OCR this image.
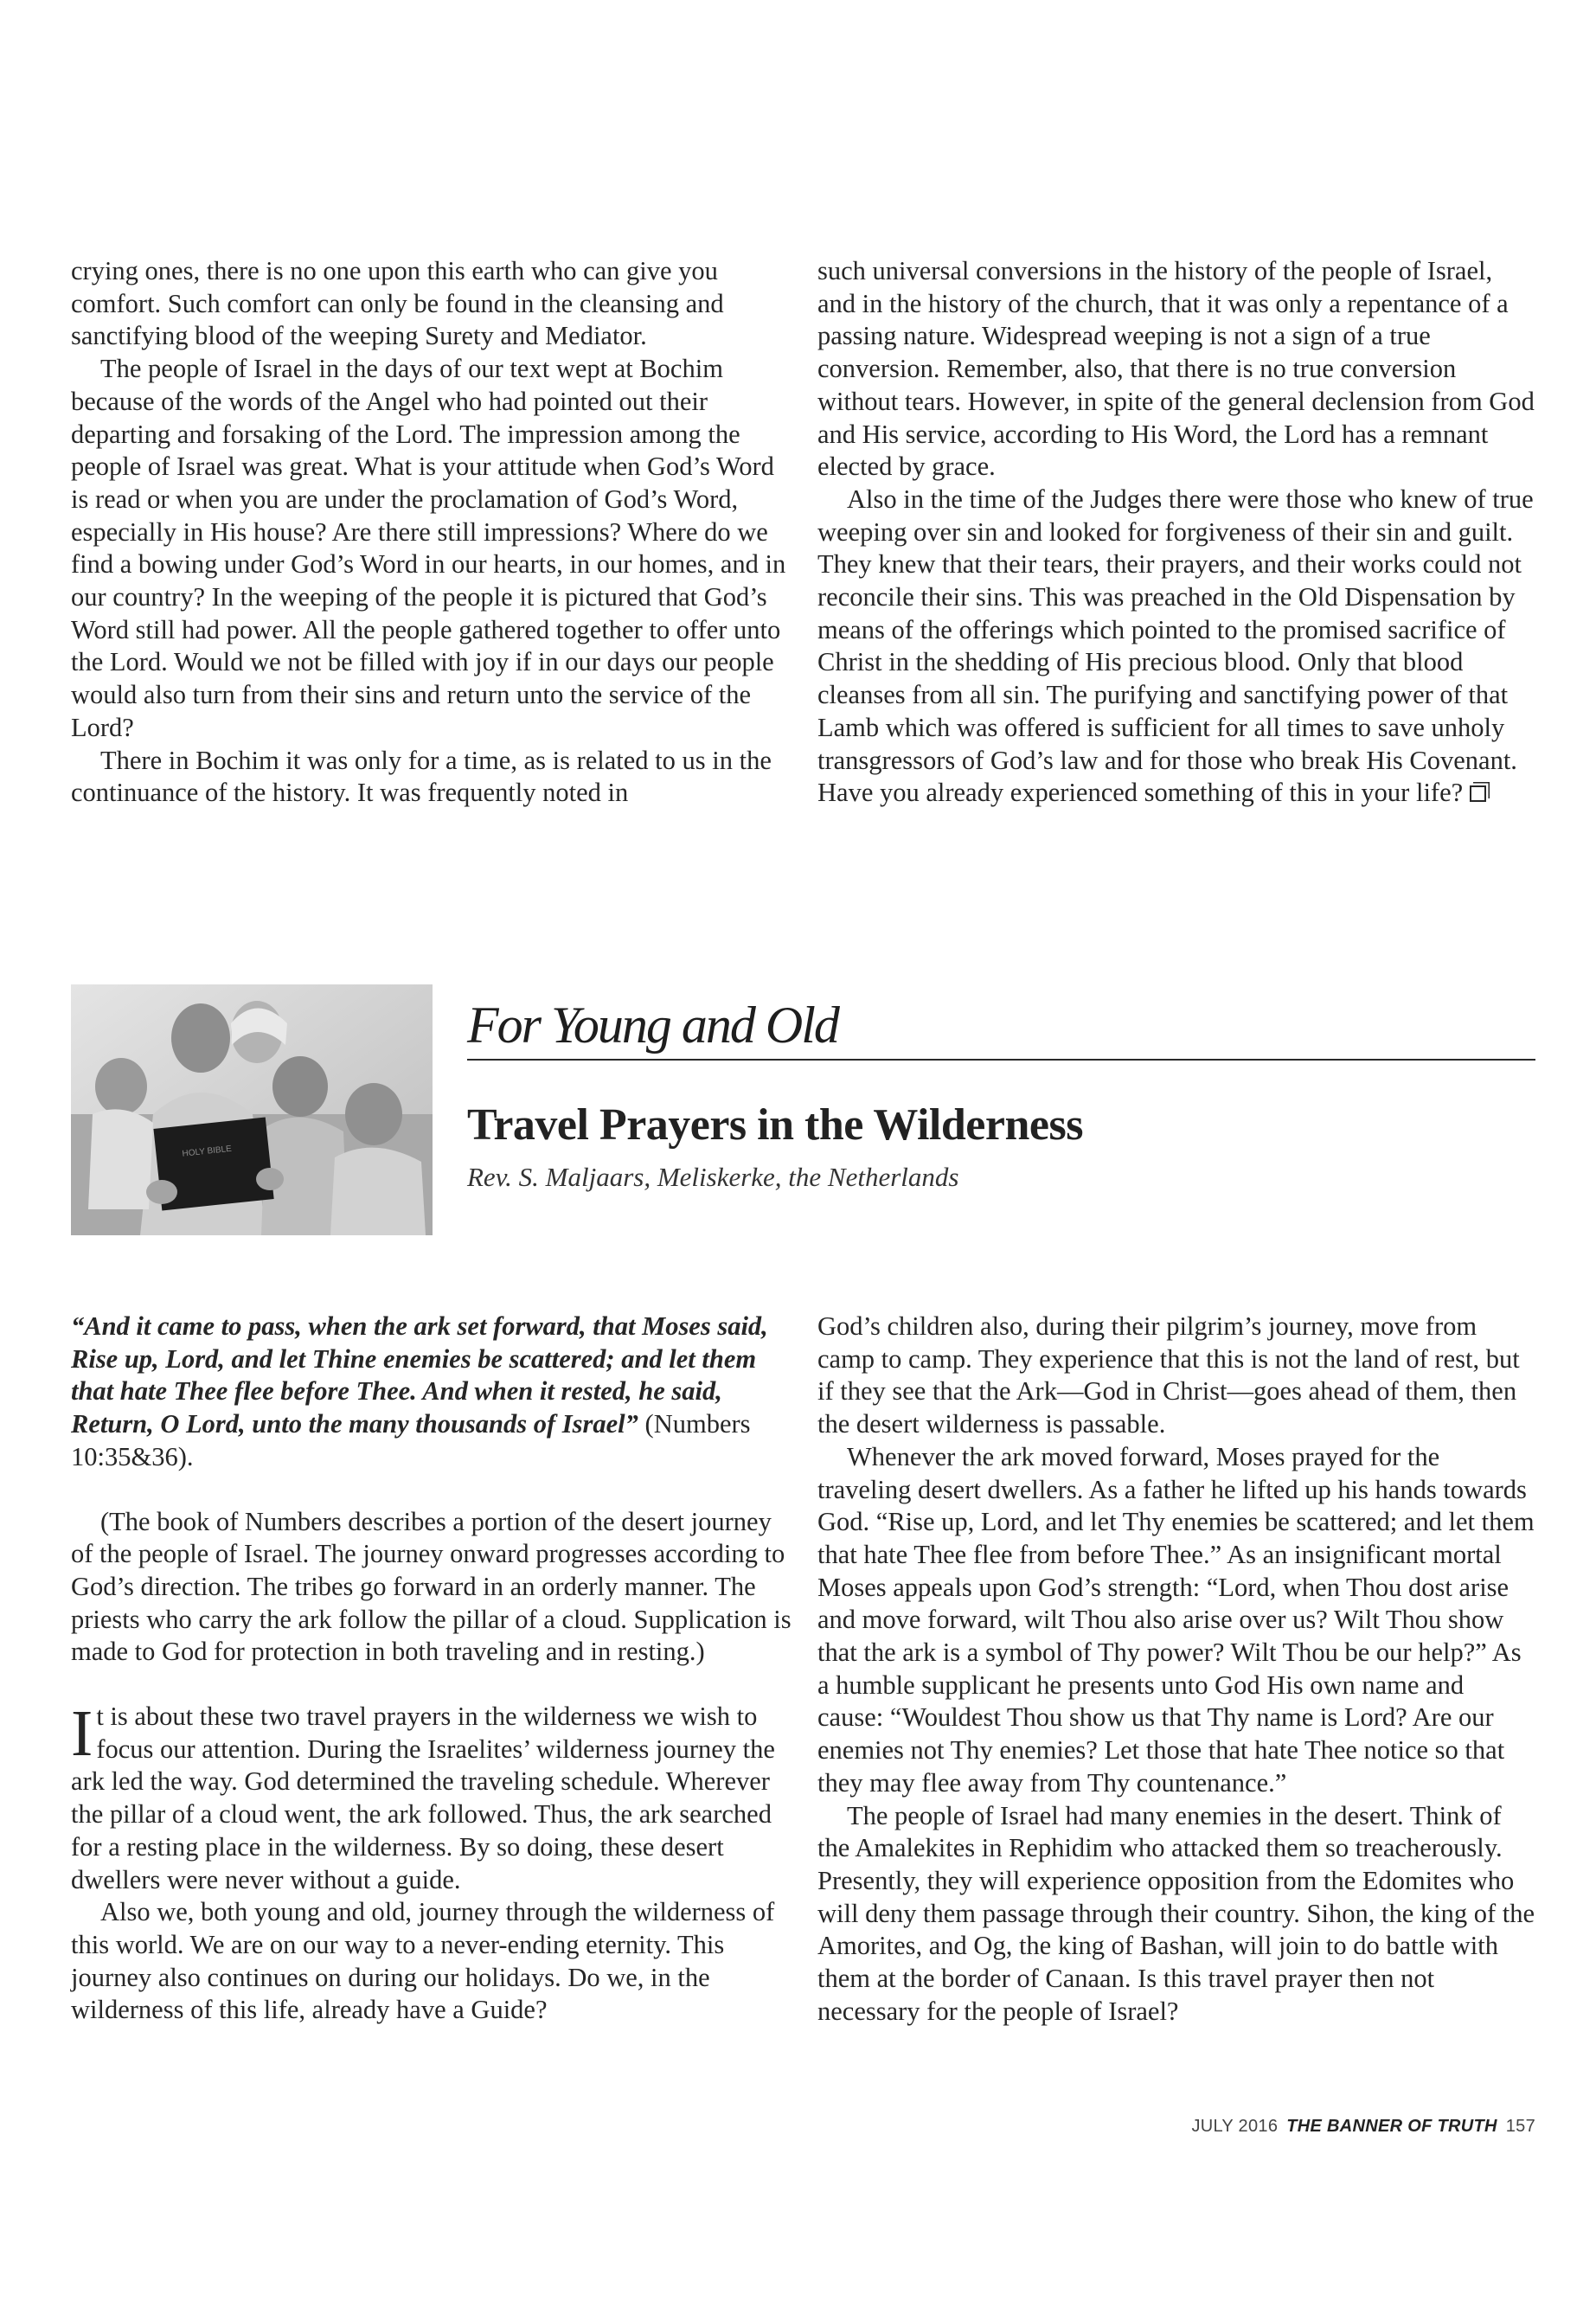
crying ones, there is no one upon this earth who can give you comfort. Such comfort can only be found in the cleansing and sanctifying blood of the weeping Surety and Mediator.

The people of Israel in the days of our text wept at Bochim because of the words of the Angel who had pointed out their departing and forsaking of the Lord. The impression among the people of Israel was great. What is your attitude when God’s Word is read or when you are under the proclamation of God’s Word, especially in His house? Are there still impressions? Where do we find a bowing under God’s Word in our hearts, in our homes, and in our country? In the weeping of the people it is pictured that God’s Word still had power. All the people gathered together to offer unto the Lord. Would we not be filled with joy if in our days our people would also turn from their sins and return unto the service of the Lord?

There in Bochim it was only for a time, as is related to us in the continuance of the history. It was frequently noted in

such universal conversions in the history of the people of Israel, and in the history of the church, that it was only a repentance of a passing nature. Widespread weeping is not a sign of a true conversion. Remember, also, that there is no true conversion without tears. However, in spite of the general declension from God and His service, according to His Word, the Lord has a remnant elected by grace.

Also in the time of the Judges there were those who knew of true weeping over sin and looked for forgiveness of their sin and guilt. They knew that their tears, their prayers, and their works could not reconcile their sins. This was preached in the Old Dispensation by means of the offerings which pointed to the promised sacrifice of Christ in the shedding of His precious blood. Only that blood cleanses from all sin. The purifying and sanctifying power of that Lamb which was offered is sufficient for all times to save unholy transgressors of God’s law and for those who break His Covenant. Have you already experienced something of this in your life?

HOLY BIBLE
For Young and Old
Travel Prayers in the Wilderness
Rev. S. Maljaars, Meliskerke, the Netherlands

“And it came to pass, when the ark set forward, that Moses said, Rise up, Lord, and let Thine enemies be scattered; and let them that hate Thee flee before Thee. And when it rested, he said, Return, O Lord, unto the many thousands of Israel” (Numbers 10:35&36).

(The book of Numbers describes a portion of the desert journey of the people of Israel. The journey onward progresses according to God’s direction. The tribes go forward in an orderly manner. The priests who carry the ark follow the pillar of a cloud. Supplication is made to God for protection in both traveling and in resting.)

It is about these two travel prayers in the wilderness we wish to focus our attention. During the Israelites’ wilderness journey the ark led the way. God determined the traveling schedule. Wherever the pillar of a cloud went, the ark followed. Thus, the ark searched for a resting place in the wilderness. By so doing, these desert dwellers were never without a guide.

Also we, both young and old, journey through the wilderness of this world. We are on our way to a never-ending eternity. This journey also continues on during our holidays. Do we, in the wilderness of this life, already have a Guide?

God’s children also, during their pilgrim’s journey, move from camp to camp. They experience that this is not the land of rest, but if they see that the Ark—God in Christ—goes ahead of them, then the desert wilderness is passable.

Whenever the ark moved forward, Moses prayed for the traveling desert dwellers. As a father he lifted up his hands towards God. “Rise up, Lord, and let Thy enemies be scattered; and let them that hate Thee flee from before Thee.” As an insignificant mortal Moses appeals upon God’s strength: “Lord, when Thou dost arise and move forward, wilt Thou also arise over us? Wilt Thou show that the ark is a symbol of Thy power? Wilt Thou be our help?” As a humble supplicant he presents unto God His own name and cause: “Wouldest Thou show us that Thy name is Lord? Are our enemies not Thy enemies? Let those that hate Thee notice so that they may flee away from Thy countenance.”

The people of Israel had many enemies in the desert. Think of the Amalekites in Rephidim who attacked them so treacherously. Presently, they will experience opposition from the Edomites who will deny them passage through their country. Sihon, the king of the Amorites, and Og, the king of Bashan, will join to do battle with them at the border of Canaan. Is this travel prayer then not necessary for the people of Israel?

JULY 2016 THE BANNER OF TRUTH 157
